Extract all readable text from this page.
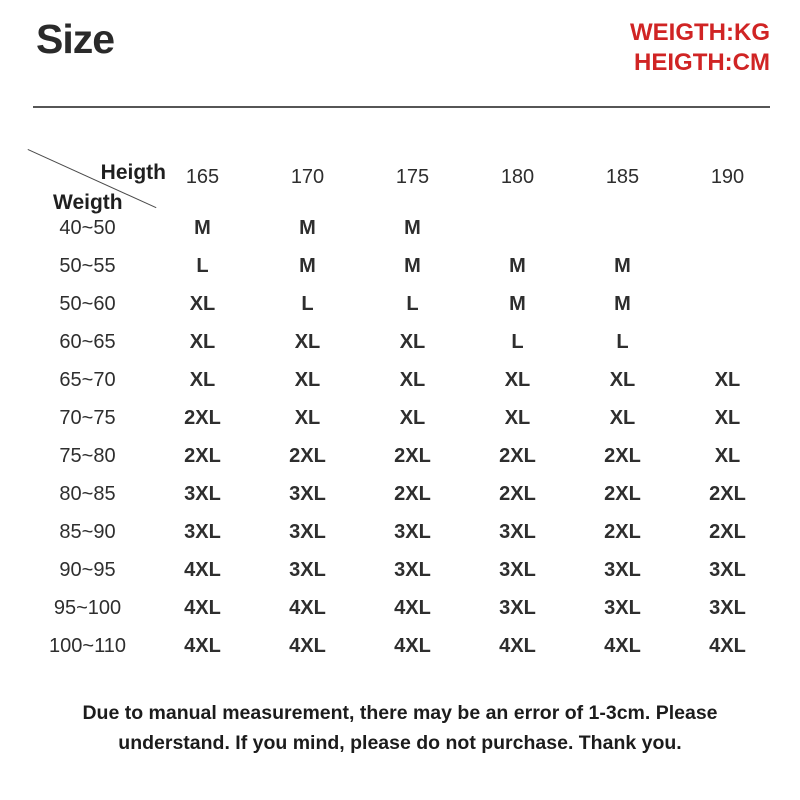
Size	WEIGTH:KG
HEIGTH:CM
Heigth
Weigth
165	170	175	180	185	190
40~50	M	M	M
50~55	L	M	M	M	M
50~60	XL	L	L	M	M
60~65	XL	XL	XL	L	L
65~70	XL	XL	XL	XL	XL	XL
70~75	2XL	XL	XL	XL	XL	XL
75~80	2XL	2XL	2XL	2XL	2XL	XL
80~85	3XL	3XL	2XL	2XL	2XL	2XL
85~90	3XL	3XL	3XL	3XL	2XL	2XL
90~95	4XL	3XL	3XL	3XL	3XL	3XL
95~100	4XL	4XL	4XL	3XL	3XL	3XL
100~110	4XL	4XL	4XL	4XL	4XL	4XL
Due to manual measurement, there may be an error of 1-3cm. Please
understand. If you mind, please do not purchase. Thank you.
